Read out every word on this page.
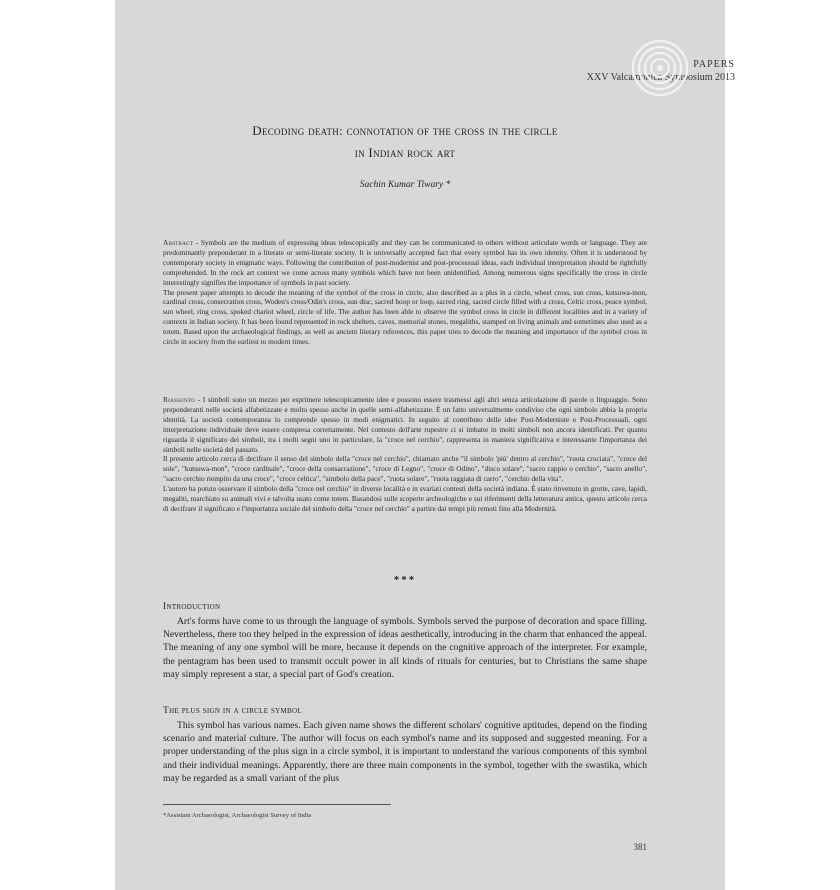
PAPERS
XXV Valcamonica Symposium 2013
Decoding death: connotation of the cross in the circle
in Indian rock art
Sachin Kumar Tiwary *

Abstract - Symbols are the medium of expressing ideas telescopically and they can be communicated to others without articulate words or language. They are predominantly preponderant in a literate or semi-literate society. It is universally accepted fact that every symbol has its own identity. Often it is understood by contemporary society in enigmatic ways. Following the contribution of post-modernist and post-processual ideas, each individual interpretation should be rightfully comprehended. In the rock art context we come across many symbols which have not been unidentified. Among numerous signs specifically the cross in circle interestingly signifies the importance of symbols in past society.

The present paper attempts to decode the meaning of the symbol of the cross in circle, also described as a plus in a circle, wheel cross, sun cross, kutsuwa-mon, cardinal cross, consecration cross, Woden's cross/Odin's cross, sun disc, sacred hoop or loop, sacred ring, sacred circle filled with a cross, Celtic cross, peace symbol, sun wheel, ring cross, spoked chariot wheel, circle of life. The author has been able to observe the symbol cross in circle in different localities and in a variety of contexts in Indian society. It has been found represented in rock shelters, caves, memorial stones, megaliths, stamped on living animals and sometimes also used as a totem. Based upon the archaeological findings, as well as ancient literary references, this paper tries to decode the meaning and importance of the symbol cross in circle in society from the earliest to modern times.

Riassunto - I simboli sono un mezzo per esprimere telescopicamente idee e possono essere trasmessi agli altri senza articolazione di parole o linguaggio. Sono preponderanti nelle società alfabetizzate e molto spesso anche in quelle semi-alfabetizzate. È un fatto universalmente condiviso che ogni simbolo abbia la propria identità. La società contemporanea lo comprende spesso in modi enigmatici. In seguito al contributo delle idee Post-Moderniste e Post-Processuali, ogni interpretazione individuale deve essere compresa correttamente. Nel contesto dell'arte rupestre ci si imbatte in molti simboli non ancora identificati. Per quanto riguarda il significato dei simboli, tra i molti segni uno in particolare, la "croce nel cerchio", rappresenta in maniera significativa e interessante l'importanza dei simboli nelle società del passato.

Il presente articolo cerca di decifrare il senso del simbolo della "croce nel cerchio", chiamato anche "il simbolo 'più' dentro al cerchio", "ruota crociata", "croce del sole", "kutsuwa-mon", "croce cardinale", "croce della consacrazione", "croce di Legno", "croce di Odino", "disco solare", "sacro cappio o cerchio", "sacro anello", "sacro cerchio riempito da una croce", "croce celtica", "simbolo della pace", "ruota solare", "ruota raggiata di carro", "cerchio della vita".

L'autore ha potuto osservare il simbolo della "croce nel cerchio" in diverse località e in svariati contesti della società indiana. È stato rinvenuto in grotte, cave, lapidi, megaliti, marchiato su animali vivi e talvolta usato come totem. Basandosi sulle scoperte archeologiche e sui riferimenti della letteratura antica, questo articolo cerca di decifrare il significato e l'importanza sociale del simbolo della "croce nel cerchio" a partire dai tempi più remoti fino alla Modernità.

***
Introduction

Art's forms have come to us through the language of symbols. Symbols served the purpose of decoration and space filling. Nevertheless, there too they helped in the expression of ideas aesthetically, introducing in the charm that enhanced the appeal. The meaning of any one symbol will be more, because it depends on the cognitive approach of the interpreter. For example, the pentagram has been used to transmit occult power in all kinds of rituals for centuries, but to Christians the same shape may simply represent a star, a special part of God's creation.

The plus sign in a circle symbol

This symbol has various names. Each given name shows the different scholars' cognitive aptitudes, depend on the finding scenario and material culture. The author will focus on each symbol's name and its supposed and suggested meaning. For a proper understanding of the plus sign in a circle symbol, it is important to understand the various components of this symbol and their individual meanings. Apparently, there are three main components in the symbol, together with the swastika, which may be regarded as a small variant of the plus

*Assistant Archaeologist, Archaeologist Survey of India
381
